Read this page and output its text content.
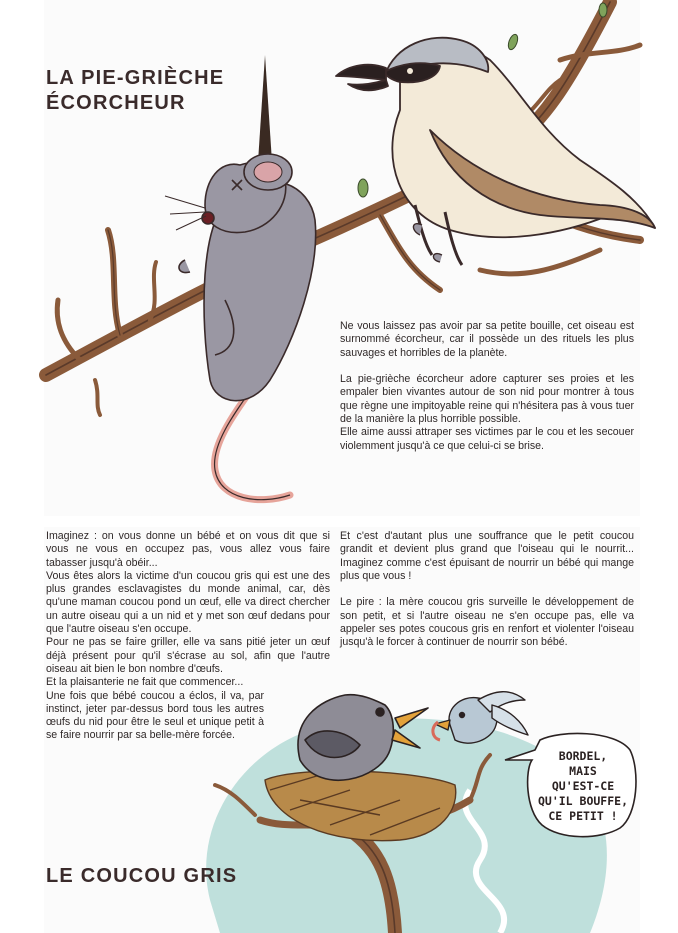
LA PIE-GRIÈCHE
ÉCORCHEUR

Ne vous laissez pas avoir par sa petite bouille, cet oiseau est surnommé écorcheur, car il possède un des rituels les plus sauvages et horribles de la planète.

La pie-grièche écorcheur adore capturer ses proies et les empaler bien vivantes autour de son nid pour montrer à tous que règne une impitoyable reine qui n'hésitera pas à vous tuer de la manière la plus horrible possible.

Elle aime aussi attraper ses victimes par le cou et les secouer violemment jusqu'à ce que celui-ci se brise.

BORDEL,
MAIS
QU'EST-CE
QU'IL BOUFFE,
CE PETIT !

Imaginez : on vous donne un bébé et on vous dit que si vous ne vous en occupez pas, vous allez vous faire tabasser jusqu'à obéir...

Vous êtes alors la victime d'un coucou gris qui est une des plus grandes esclavagistes du monde animal, car, dès qu'une maman coucou pond un œuf, elle va direct chercher un autre oiseau qui a un nid et y met son œuf dedans pour que l'autre oiseau s'en occupe.

Pour ne pas se faire griller, elle va sans pitié jeter un œuf déjà présent pour qu'il s'écrase au sol, afin que l'autre oiseau ait bien le bon nombre d'œufs.

Et la plaisanterie ne fait que commencer...

Une fois que bébé coucou a éclos, il va, par instinct, jeter par-dessus bord tous les autres œufs du nid pour être le seul et unique petit à se faire nourrir par sa belle-mère forcée.

Et c'est d'autant plus une souffrance que le petit coucou grandit et devient plus grand que l'oiseau qui le nourrit... Imaginez comme c'est épuisant de nourrir un bébé qui mange plus que vous !

Le pire : la mère coucou gris surveille le développement de son petit, et si l'autre oiseau ne s'en occupe pas, elle va appeler ses potes coucous gris en renfort et violenter l'oiseau jusqu'à le forcer à continuer de nourrir son bébé.

LE COUCOU GRIS
